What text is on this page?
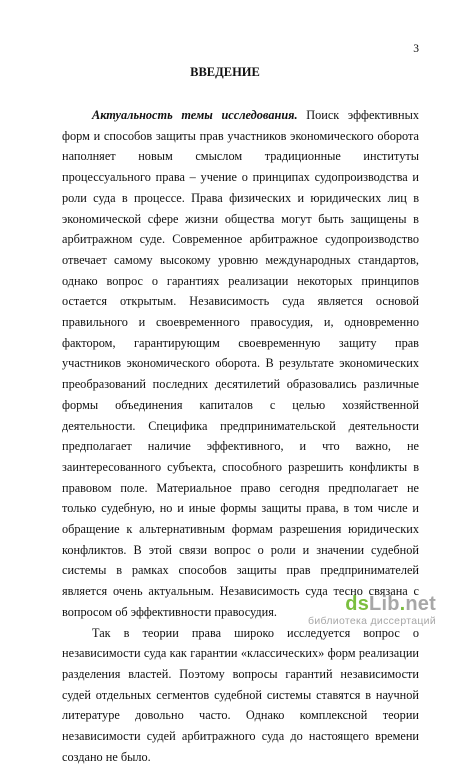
3
ВВЕДЕНИЕ

Актуальность темы исследования. Поиск эффективных форм и способов защиты прав участников экономического оборота наполняет новым смыслом традиционные институты процессуального права – учение о принципах судопроизводства и роли суда в процессе. Права физических и юридических лиц в экономической сфере жизни общества могут быть защищены в арбитражном суде. Современное арбитражное судопроизводство отвечает самому высокому уровню международных стандартов, однако вопрос о гарантиях реализации некоторых принципов остается открытым. Независимость суда является основой правильного и своевременного правосудия, и, одновременно фактором, гарантирующим своевременную защиту прав участников экономического оборота. В результате экономических преобразований последних десятилетий образовались различные формы объединения капиталов с целью хозяйственной деятельности. Специфика предпринимательской деятельности предполагает наличие эффективного, и что важно, не заинтересованного субъекта, способного разрешить конфликты в правовом поле. Материальное право сегодня предполагает не только судебную, но и иные формы защиты права, в том числе и обращение к альтернативным формам разрешения юридических конфликтов. В этой связи вопрос о роли и значении судебной системы в рамках способов защиты прав предпринимателей является очень актуальным. Независимость суда тесно связана с вопросом об эффективности правосудия.

Так в теории права широко исследуется вопрос о независимости суда как гарантии «классических» форм реализации разделения властей. Поэтому вопросы гарантий независимости судей отдельных сегментов судебной системы ставятся в научной литературе довольно часто. Однако комплексной теории независимости судей арбитражного суда до настоящего времени создано не было.

dsLib.net
библиотека диссертаций
